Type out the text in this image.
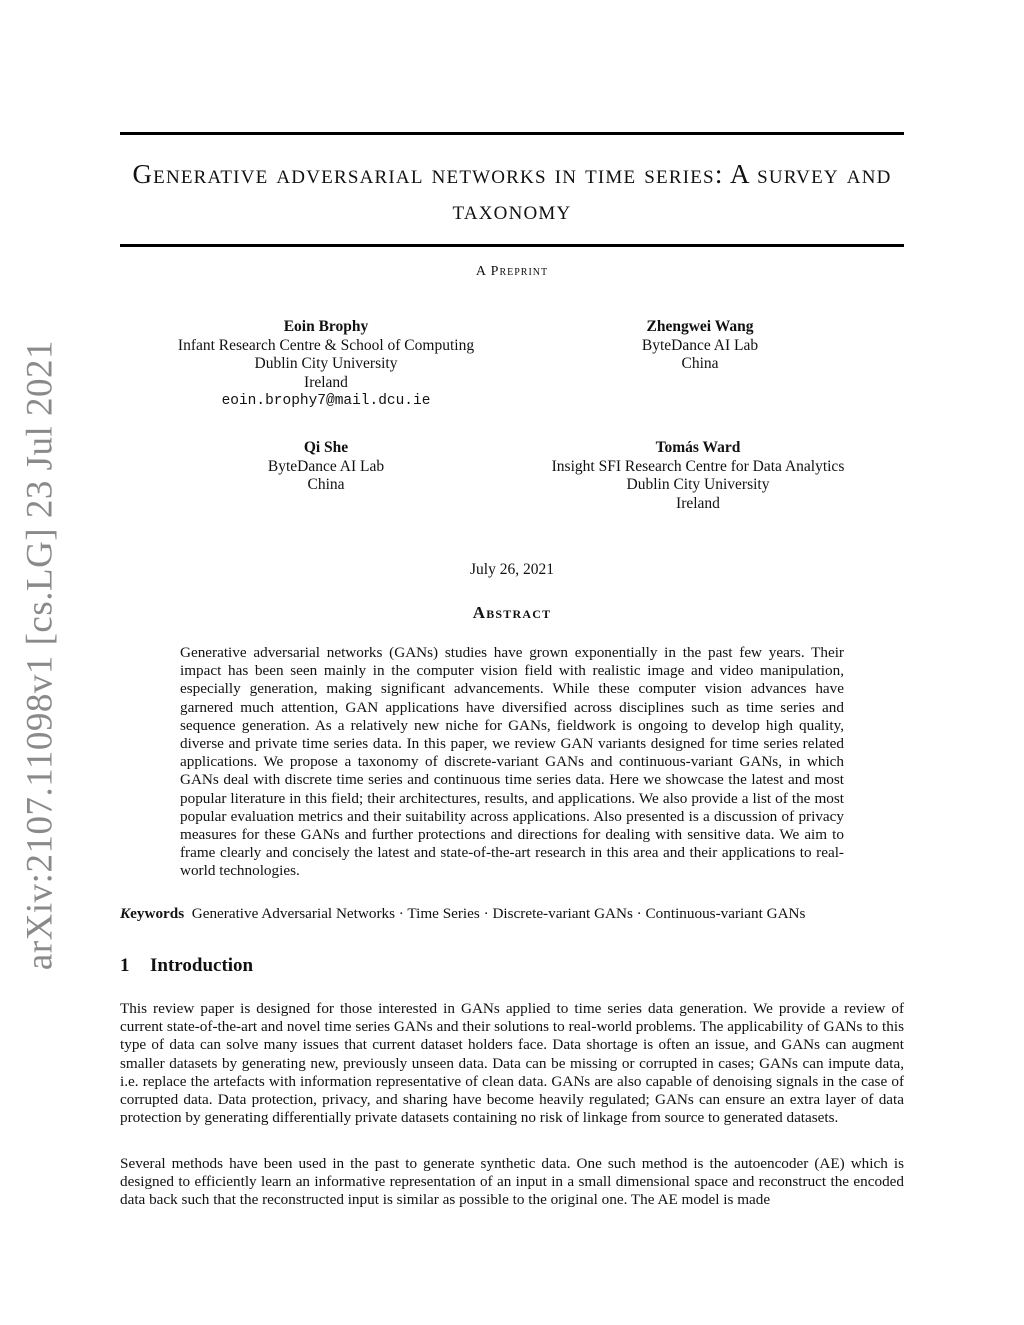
arXiv:2107.11098v1 [cs.LG] 23 Jul 2021
Generative adversarial networks in time series: A survey and taxonomy
A Preprint
Eoin Brophy
Infant Research Centre & School of Computing
Dublin City University
Ireland
eoin.brophy7@mail.dcu.ie
Zhengwei Wang
ByteDance AI Lab
China
Qi She
ByteDance AI Lab
China
Tomás Ward
Insight SFI Research Centre for Data Analytics
Dublin City University
Ireland
July 26, 2021
Abstract

Generative adversarial networks (GANs) studies have grown exponentially in the past few years. Their impact has been seen mainly in the computer vision field with realistic image and video manipulation, especially generation, making significant advancements. While these computer vision advances have garnered much attention, GAN applications have diversified across disciplines such as time series and sequence generation. As a relatively new niche for GANs, fieldwork is ongoing to develop high quality, diverse and private time series data. In this paper, we review GAN variants designed for time series related applications. We propose a taxonomy of discrete-variant GANs and continuous-variant GANs, in which GANs deal with discrete time series and continuous time series data. Here we showcase the latest and most popular literature in this field; their architectures, results, and applications. We also provide a list of the most popular evaluation metrics and their suitability across applications. Also presented is a discussion of privacy measures for these GANs and further protections and directions for dealing with sensitive data. We aim to frame clearly and concisely the latest and state-of-the-art research in this area and their applications to real-world technologies.

Keywords Generative Adversarial Networks · Time Series · Discrete-variant GANs · Continuous-variant GANs
1 Introduction

This review paper is designed for those interested in GANs applied to time series data generation. We provide a review of current state-of-the-art and novel time series GANs and their solutions to real-world problems. The applicability of GANs to this type of data can solve many issues that current dataset holders face. Data shortage is often an issue, and GANs can augment smaller datasets by generating new, previously unseen data. Data can be missing or corrupted in cases; GANs can impute data, i.e. replace the artefacts with information representative of clean data. GANs are also capable of denoising signals in the case of corrupted data. Data protection, privacy, and sharing have become heavily regulated; GANs can ensure an extra layer of data protection by generating differentially private datasets containing no risk of linkage from source to generated datasets.

Several methods have been used in the past to generate synthetic data. One such method is the autoencoder (AE) which is designed to efficiently learn an informative representation of an input in a small dimensional space and reconstruct the encoded data back such that the reconstructed input is similar as possible to the original one. The AE model is made
